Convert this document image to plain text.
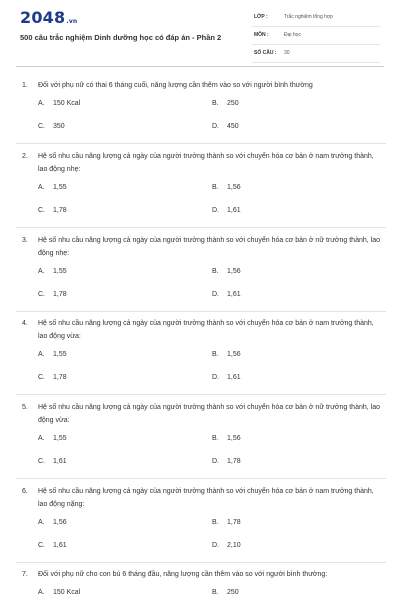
2048.vn
500 câu trắc nghiệm Dinh dưỡng học có đáp án - Phần 2
LỚP :	Trắc nghiệm tổng hợp
MÔN :	Đại học
SỐ CÂU : 30
1. Đối với phụ nữ có thai 6 tháng cuối, năng lượng cần thêm vào so với người bình thường
A. 150 Kcal	B. 250
C. 350	D. 450
2. Hệ số nhu cầu năng lượng cả ngày của người trưởng thành so với chuyển hóa cơ bản ở nam trưởng thành, lao động nhẹ:
A. 1,55	B. 1,56
C. 1,78	D. 1,61
3. Hệ số nhu cầu năng lượng cả ngày của người trưởng thành so với chuyển hóa cơ bản ở nữ trưởng thành, lao động nhẹ:
A. 1,55	B. 1,56
C. 1,78	D. 1,61
4. Hệ số nhu cầu năng lượng cả ngày của người trưởng thành so với chuyển hóa cơ bản ở nam trưởng thành, lao động vừa:
A. 1,55	B. 1,56
C. 1,78	D. 1,61
5. Hệ số nhu cầu năng lượng cả ngày của người trưởng thành so với chuyển hóa cơ bản ở nữ trưởng thành, lao động vừa:
A. 1,55	B. 1,56
C. 1,61	D. 1,78
6. Hệ số nhu cầu năng lượng cả ngày của người trưởng thành so với chuyển hóa cơ bản ở nam trưởng thành, lao động nặng:
A. 1,56	B. 1,78
C. 1,61	D. 2,10
7. Đối với phụ nữ cho con bú 6 tháng đầu, năng lượng cần thêm vào so với người bình thường:
A. 150 Kcal	B. 250
